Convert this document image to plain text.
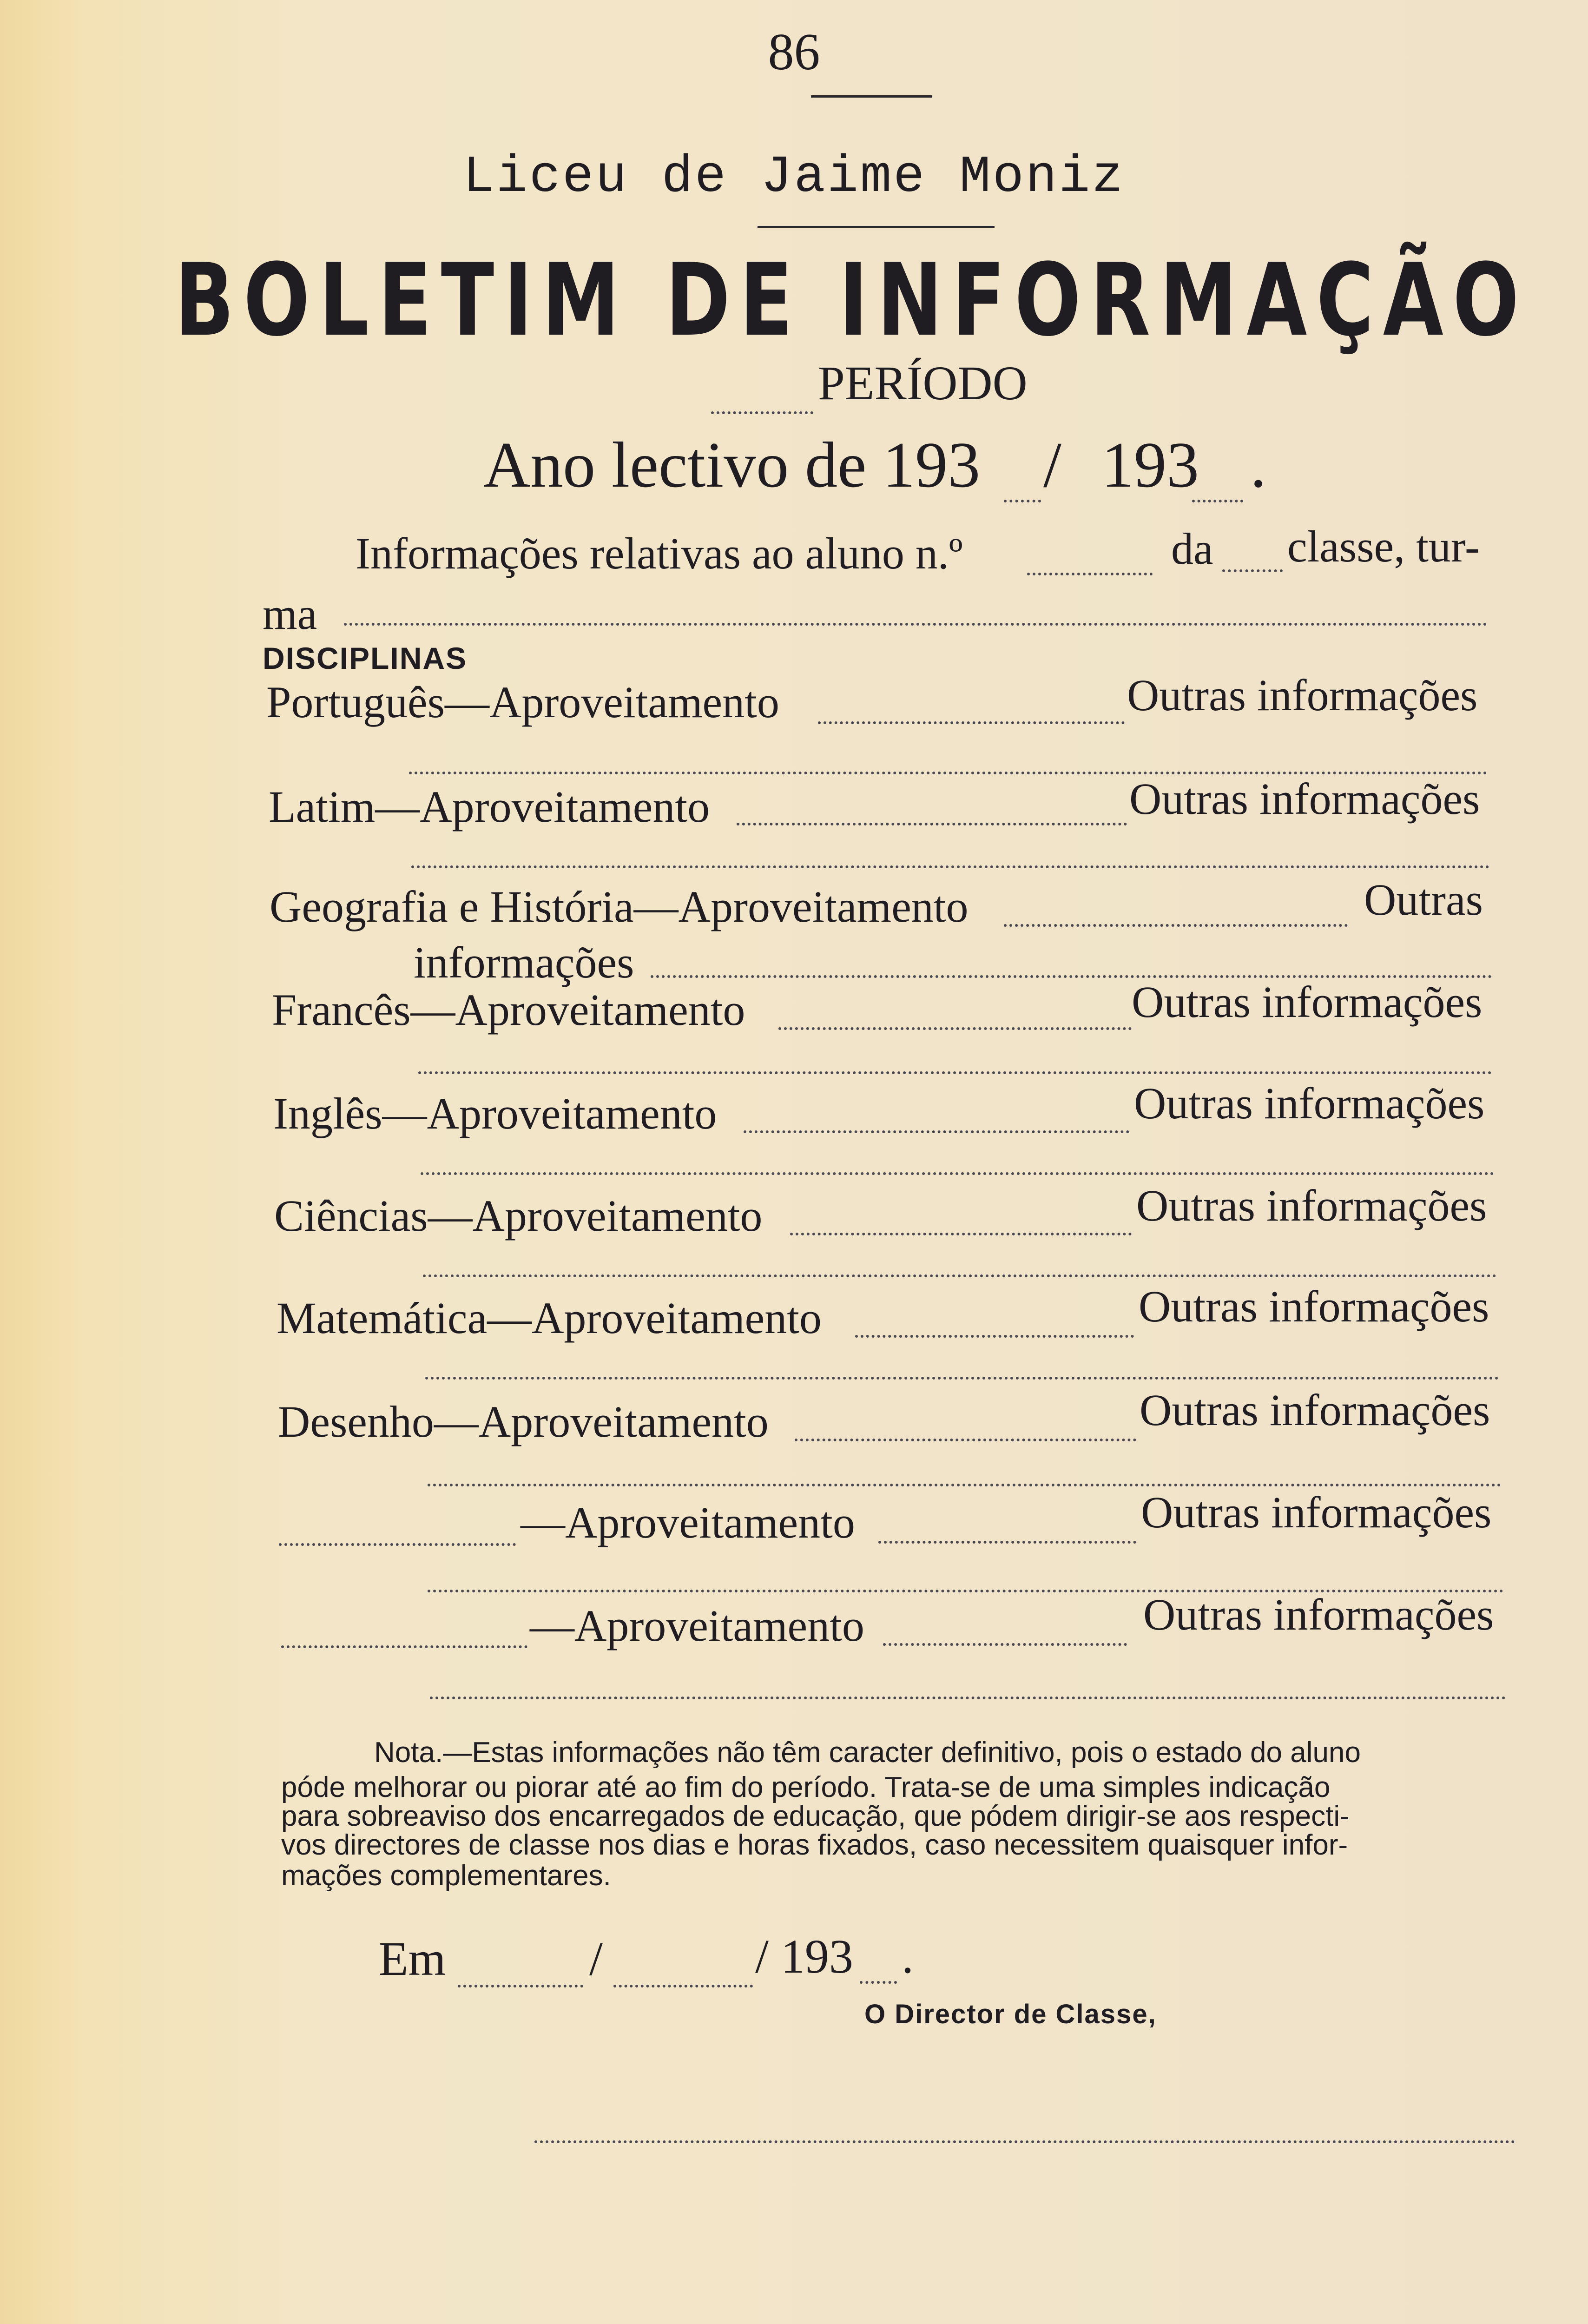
86
Liceu de Jaime Moniz
BOLETIM DE INFORMAÇÃO
PERÍODO
Ano lectivo de 193 / 193 .
Informações relativas ao aluno n.º	da classe, tur-
ma
DISCIPLINAS
Português—Aproveitamento	Outras informações
Latim—Aproveitamento	Outras informações
Geografia e História—Aproveitamento	Outras
informações
Francês—Aproveitamento	Outras informações
Inglês—Aproveitamento	Outras informações
Ciências—Aproveitamento	Outras informações
Matemática—Aproveitamento	Outras informações
Desenho—Aproveitamento	Outras informações
—Aproveitamento	Outras informações
—Aproveitamento	Outras informações
Nota.—Estas informações não têm caracter definitivo, pois o estado do aluno
póde melhorar ou piorar até ao fim do período. Trata-se de uma simples indicação
para sobreaviso dos encarregados de educação, que pódem dirigir-se aos respecti-
vos directores de classe nos dias e horas fixados, caso necessitem quaisquer infor-
mações complementares.
Em	/	/ 193 .
O Director de Classe,
